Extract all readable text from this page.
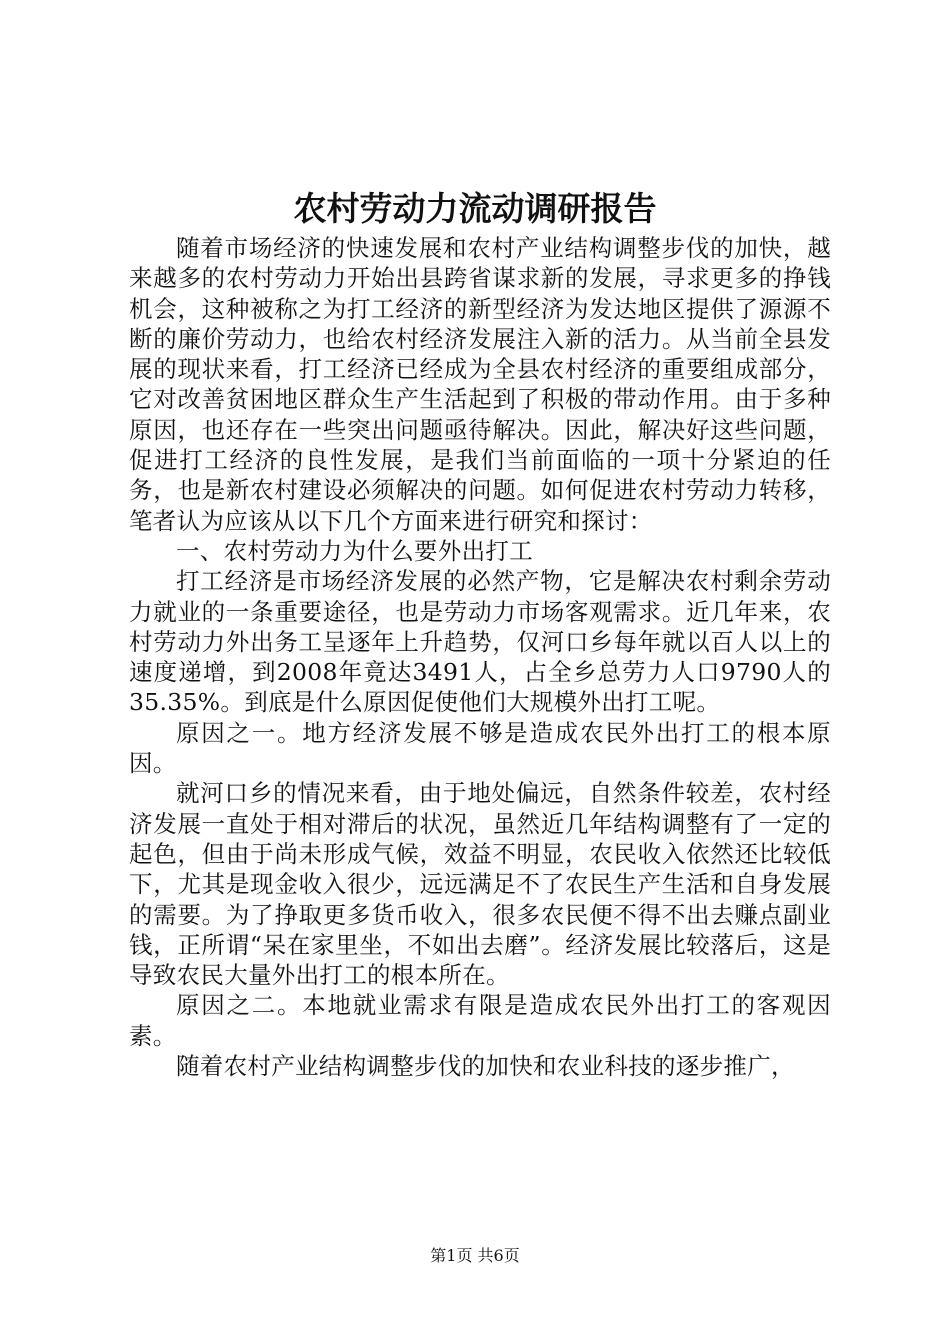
农村劳动力流动调研报告

随着市场经济的快速发展和农村产业结构调整步伐的加快，越来越多的农村劳动力开始出县跨省谋求新的发展，寻求更多的挣钱机会，这种被称之为打工经济的新型经济为发达地区提供了源源不断的廉价劳动力，也给农村经济发展注入新的活力。从当前全县发展的现状来看，打工经济已经成为全县农村经济的重要组成部分，它对改善贫困地区群众生产生活起到了积极的带动作用。由于多种原因，也还存在一些突出问题亟待解决。因此，解决好这些问题，促进打工经济的良性发展，是我们当前面临的一项十分紧迫的任务，也是新农村建设必须解决的问题。如何促进农村劳动力转移，笔者认为应该从以下几个方面来进行研究和探讨：

一、农村劳动力为什么要外出打工

打工经济是市场经济发展的必然产物，它是解决农村剩余劳动力就业的一条重要途径，也是劳动力市场客观需求。近几年来，农村劳动力外出务工呈逐年上升趋势，仅河口乡每年就以百人以上的速度递增，到2008年竟达3491人，占全乡总劳力人口9790人的35.35%。到底是什么原因促使他们大规模外出打工呢。

原因之一。地方经济发展不够是造成农民外出打工的根本原因。

就河口乡的情况来看，由于地处偏远，自然条件较差，农村经济发展一直处于相对滞后的状况，虽然近几年结构调整有了一定的起色，但由于尚未形成气候，效益不明显，农民收入依然还比较低下，尤其是现金收入很少，远远满足不了农民生产生活和自身发展的需要。为了挣取更多货币收入，很多农民便不得不出去赚点副业钱，正所谓“呆在家里坐，不如出去磨”。经济发展比较落后，这是导致农民大量外出打工的根本所在。

原因之二。本地就业需求有限是造成农民外出打工的客观因素。

随着农村产业结构调整步伐的加快和农业科技的逐步推广，

第1页 共6页
